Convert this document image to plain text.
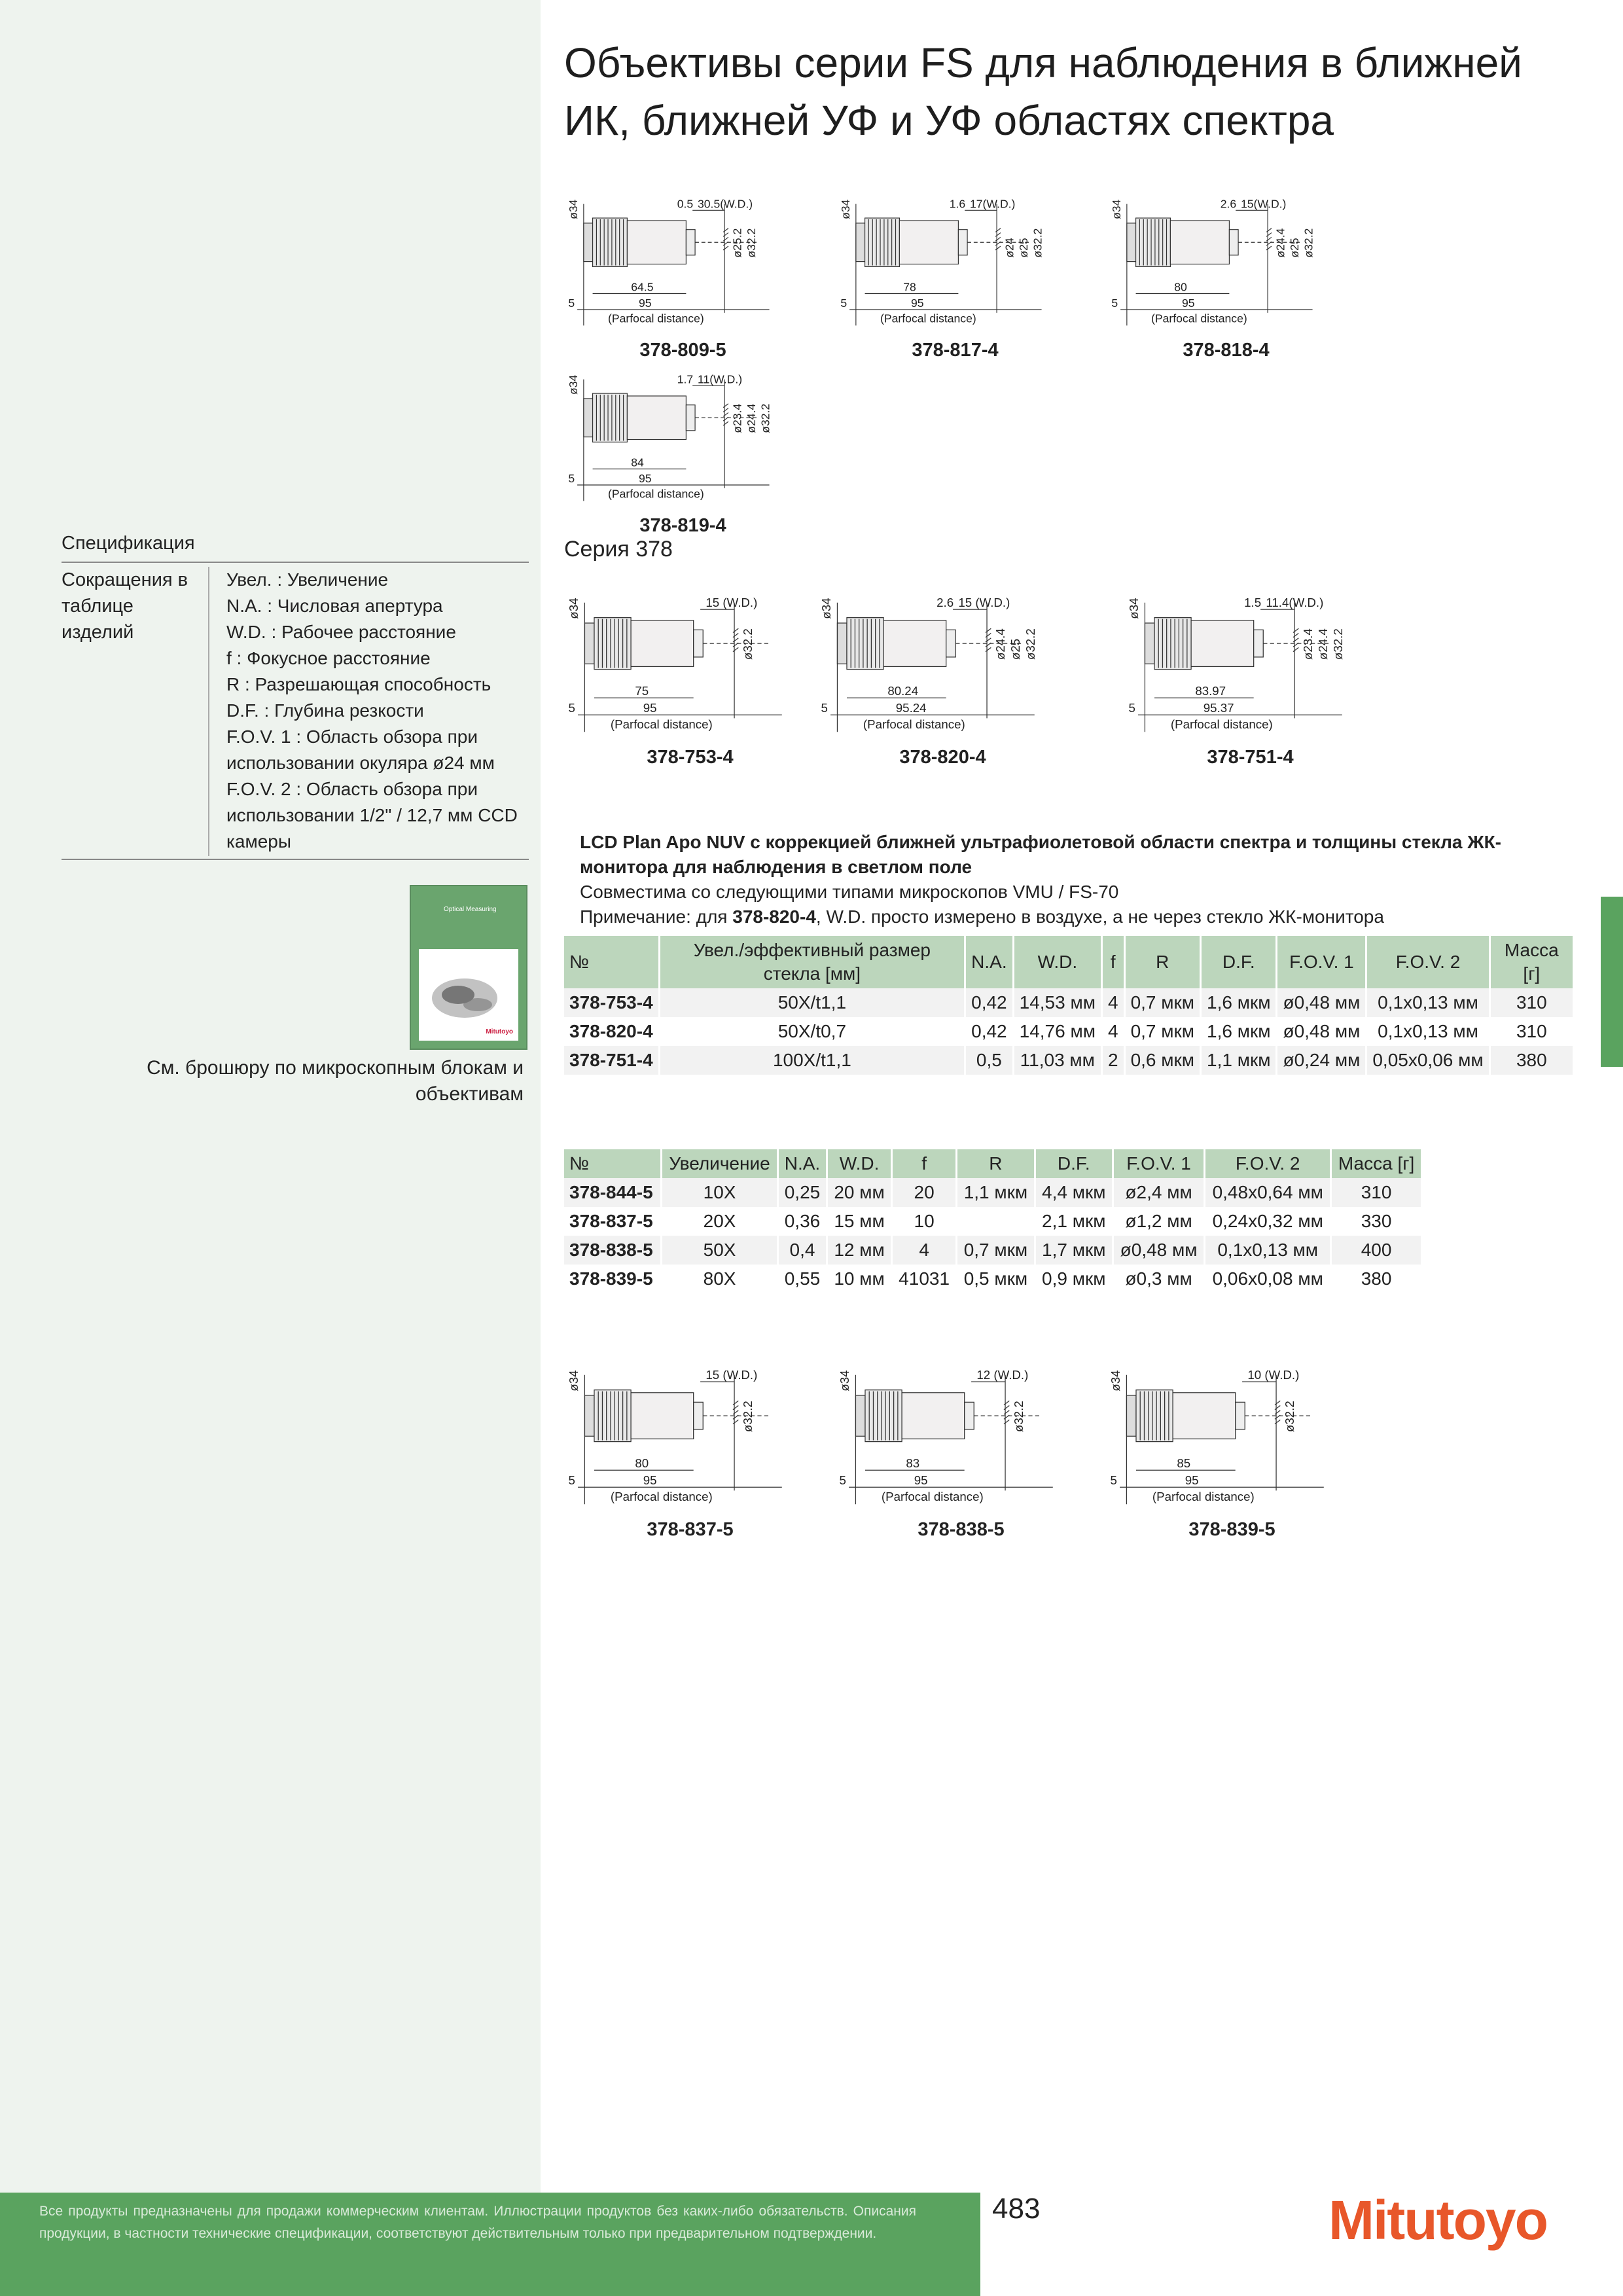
Объективы серии FS для наблюдения в ближней ИК, ближней УФ и УФ областях спектра
Спецификация
Сокращения в таблице изделий
Увел. : Увеличение
N.A. : Числовая апертура
W.D. : Рабочее расстояние
f : Фокусное расстояние
R : Разрешающая способность
D.F. : Глубина резкости
F.O.V. 1 : Область обзора при использовании окуляра ø24 мм
F.O.V. 2 : Область обзора при использовании 1/2" / 12,7 мм CCD камеры
Optical Measuring
Mitutoyo
См. брошюру по микроскопным блокам и объективам
ø34	0.5 30.5(W.D.)
ø25.2 ø32.2
64.5
95
5
(Parfocal distance)
378-809-5
ø34	1.6 17(W.D.)
ø24 ø25 ø32.2
78
95
5
(Parfocal distance)
378-817-4
ø34	2.6 15(W.D.)
ø24.4 ø25 ø32.2
80
95
5
(Parfocal distance)
378-818-4
ø34	1.7 11(W.D.)
ø23.4 ø24.4 ø32.2
84
95
5
(Parfocal distance)
378-819-4
Серия 378
ø34	15 (W.D.)
ø32.2
75
95
5
(Parfocal distance)
378-753-4
ø34	2.6 15 (W.D.)
ø24.4 ø25 ø32.2
80.24
95.24
5
(Parfocal distance)
378-820-4
ø34	1.5 11.4(W.D.)
ø23.4 ø24.4 ø32.2
83.97
95.37
5
(Parfocal distance)
378-751-4
LCD Plan Apo NUV с коррекцией ближней ультрафиолетовой области спектра и толщины стекла ЖК-монитора для наблюдения в светлом поле
Совместима со следующими типами микроскопов VMU / FS-70
Примечание: для 378-820-4, W.D. просто измерено в воздухе, а не через стекло ЖК-монитора
№	Увел./эффективный размер стекла [мм]	N.A.	W.D.	f	R	D.F.	F.O.V. 1	F.O.V. 2	Масса [г]
378-753-4	50X/t1,1	0,42	14,53 мм	4	0,7 мкм	1,6 мкм	ø0,48 мм	0,1x0,13 мм	310
378-820-4	50X/t0,7	0,42	14,76 мм	4	0,7 мкм	1,6 мкм	ø0,48 мм	0,1x0,13 мм	310
378-751-4	100X/t1,1	0,5	11,03 мм	2	0,6 мкм	1,1 мкм	ø0,24 мм	0,05x0,06 мм	380
№	Увеличение	N.A.	W.D.	f	R	D.F.	F.O.V. 1	F.O.V. 2	Масса [г]
378-844-5	10X	0,25	20 мм	20	1,1 мкм	4,4 мкм	ø2,4 мм	0,48x0,64 мм	310
378-837-5	20X	0,36	15 мм	10		2,1 мкм	ø1,2 мм	0,24x0,32 мм	330
378-838-5	50X	0,4	12 мм	4	0,7 мкм	1,7 мкм	ø0,48 мм	0,1x0,13 мм	400
378-839-5	80X	0,55	10 мм	41031	0,5 мкм	0,9 мкм	ø0,3 мм	0,06x0,08 мм	380
ø34	15 (W.D.)
ø32.2
80
95
5
(Parfocal distance)
378-837-5
ø34	12 (W.D.)
ø32.2
83
95
5
(Parfocal distance)
378-838-5
ø34	10 (W.D.)
ø32.2
85
95
5
(Parfocal distance)
378-839-5
Все продукты предназначены для продажи коммерческим клиентам. Иллюстрации продуктов без каких-либо обязательств. Описания продукции, в частности технические спецификации, соответствуют действительным только при предварительном подтверждении.
483	Mitutoyo
